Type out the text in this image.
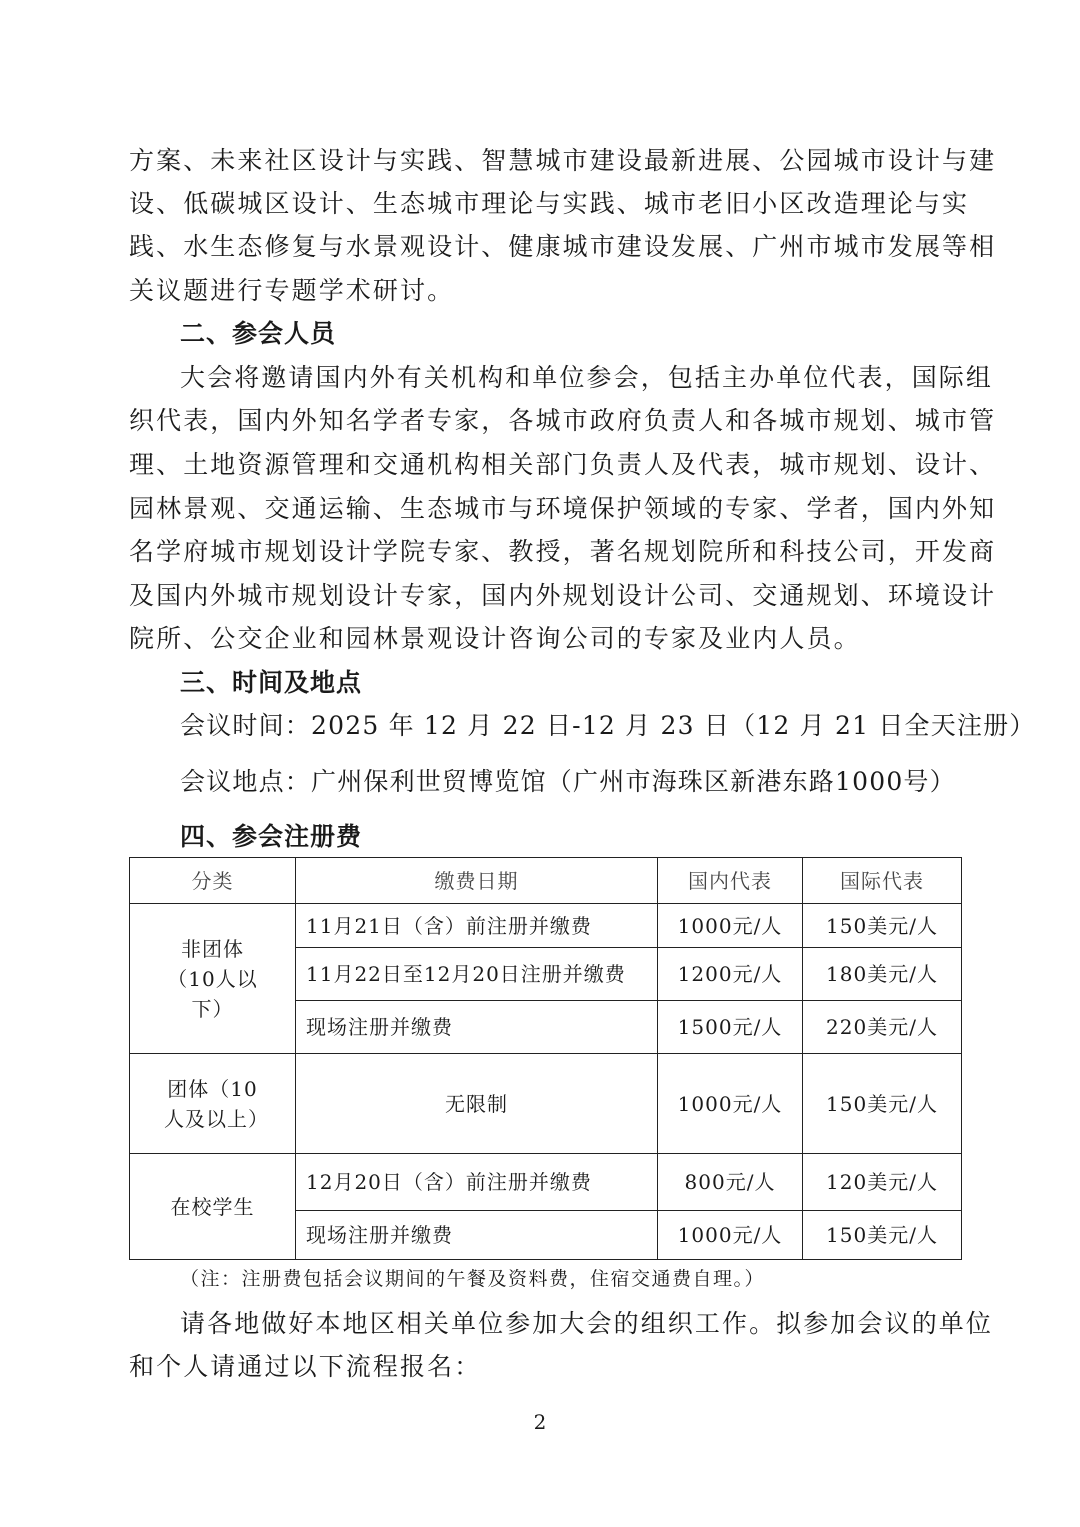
方案、未来社区设计与实践、智慧城市建设最新进展、公园城市设计与建
设、低碳城区设计、生态城市理论与实践、城市老旧小区改造理论与实
践、水生态修复与水景观设计、健康城市建设发展、广州市城市发展等相
关议题进行专题学术研讨。
二、参会人员
大会将邀请国内外有关机构和单位参会，包括主办单位代表，国际组
织代表，国内外知名学者专家，各城市政府负责人和各城市规划、城市管
理、土地资源管理和交通机构相关部门负责人及代表，城市规划、设计、
园林景观、交通运输、生态城市与环境保护领域的专家、学者，国内外知
名学府城市规划设计学院专家、教授，著名规划院所和科技公司，开发商
及国内外城市规划设计专家，国内外规划设计公司、交通规划、环境设计
院所、公交企业和园林景观设计咨询公司的专家及业内人员。
三、时间及地点
会议时间：2025 年 12 月 22 日-12 月 23 日（12 月 21 日全天注册）
会议地点：广州保利世贸博览馆（广州市海珠区新港东路1000号）
四、参会注册费
分类	缴费日期	国内代表	国际代表

非团体（10人以下）	11月21日（含）前注册并缴费	1000元/人	150美元/人
	11月22日至12月20日注册并缴费	1200元/人	180美元/人
	现场注册并缴费	1500元/人	220美元/人

团体（10人及以上）	无限制	1000元/人	150美元/人
在校学生	12月20日（含）前注册并缴费	800元/人	120美元/人
	现场注册并缴费	1000元/人	150美元/人
（注：注册费包括会议期间的午餐及资料费，住宿交通费自理。）
请各地做好本地区相关单位参加大会的组织工作。拟参加会议的单位
和个人请通过以下流程报名：
2
